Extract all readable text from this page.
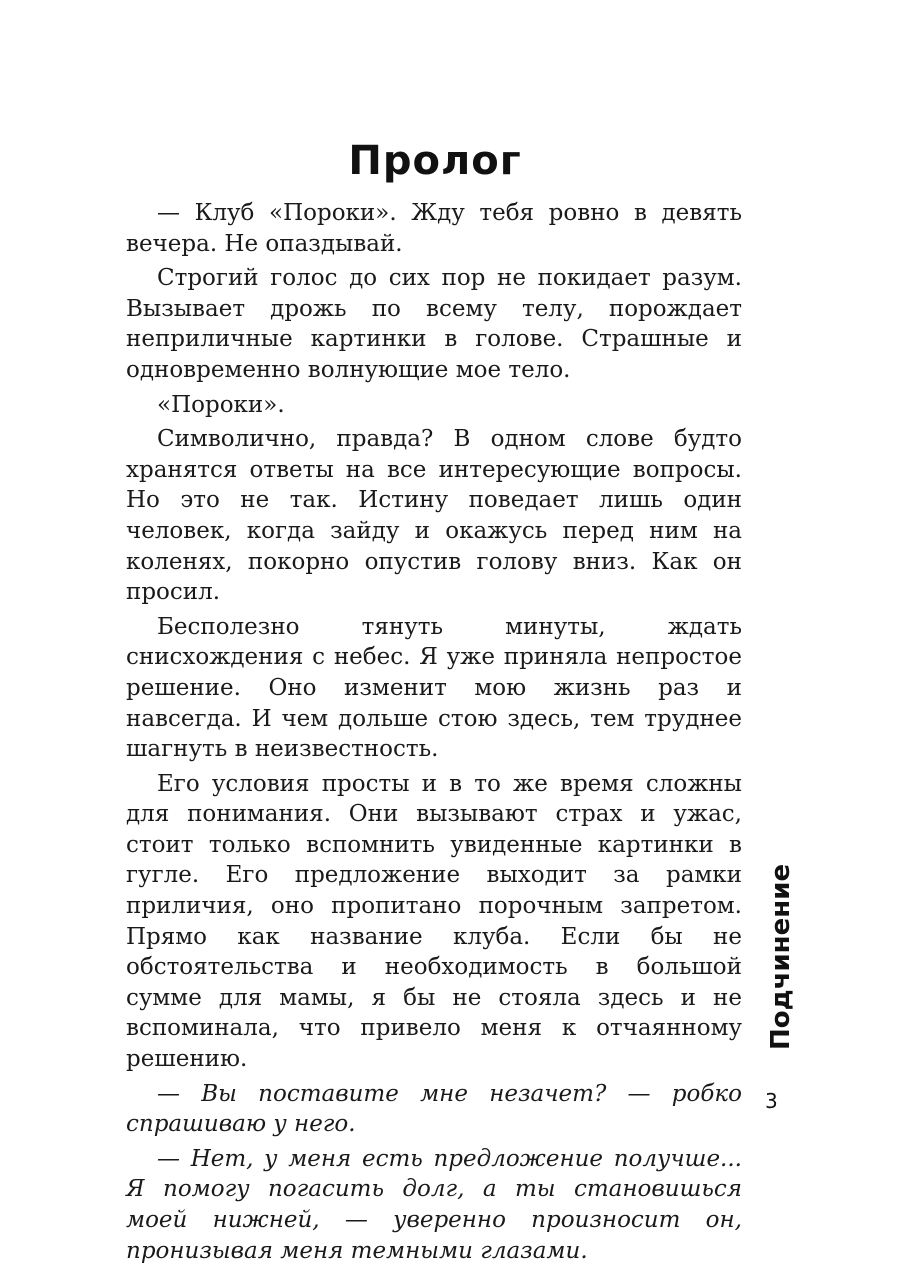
Пролог

— Клуб «Пороки». Жду тебя ровно в девять вечера. Не опаздывай.

Строгий голос до сих пор не покидает разум. Вызывает дрожь по всему телу, порождает неприличные картинки в голове. Страшные и одновременно волнующие мое тело.

«Пороки».

Символично, правда? В одном слове будто хранятся ответы на все интересующие вопросы. Но это не так. Истину поведает лишь один человек, когда зайду и окажусь перед ним на коленях, покорно опустив голову вниз. Как он просил.

Бесполезно тянуть минуты, ждать снисхождения с небес. Я уже приняла непростое решение. Оно изменит мою жизнь раз и навсегда. И чем дольше стою здесь, тем труднее шагнуть в неизвестность.

Его условия просты и в то же время сложны для понимания. Они вызывают страх и ужас, стоит только вспомнить увиденные картинки в гугле. Его предложение выходит за рамки приличия, оно пропитано порочным запретом. Прямо как название клуба. Если бы не обстоятельства и необходимость в большой сумме для мамы, я бы не стояла здесь и не вспоминала, что привело меня к отчаянному решению.

— Вы поставите мне незачет? — робко спрашиваю у него.

— Нет, у меня есть предложение получше... Я помогу погасить долг, а ты становишься моей нижней, — уверенно произносит он, пронизывая меня темными глазами.

Подчинение
3
